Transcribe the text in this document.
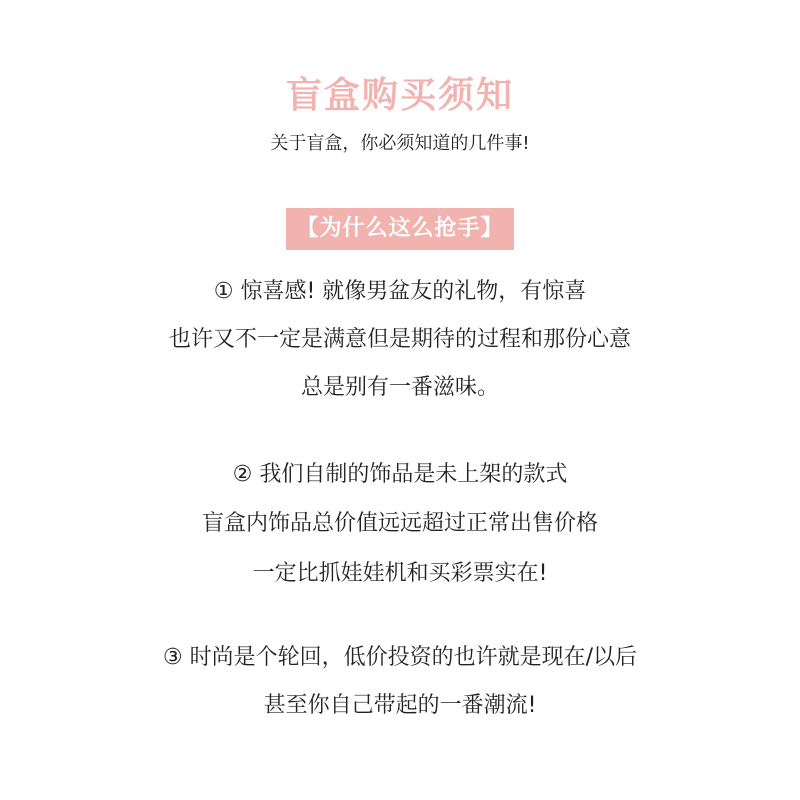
盲盒购买须知
关于盲盒，你必须知道的几件事!
【为什么这么抢手】
① 惊喜感! 就像男盆友的礼物，有惊喜
也许又不一定是满意但是期待的过程和那份心意
总是别有一番滋味。
② 我们自制的饰品是未上架的款式
盲盒内饰品总价值远远超过正常出售价格
一定比抓娃娃机和买彩票实在!
③ 时尚是个轮回，低价投资的也许就是现在/以后
甚至你自己带起的一番潮流!
